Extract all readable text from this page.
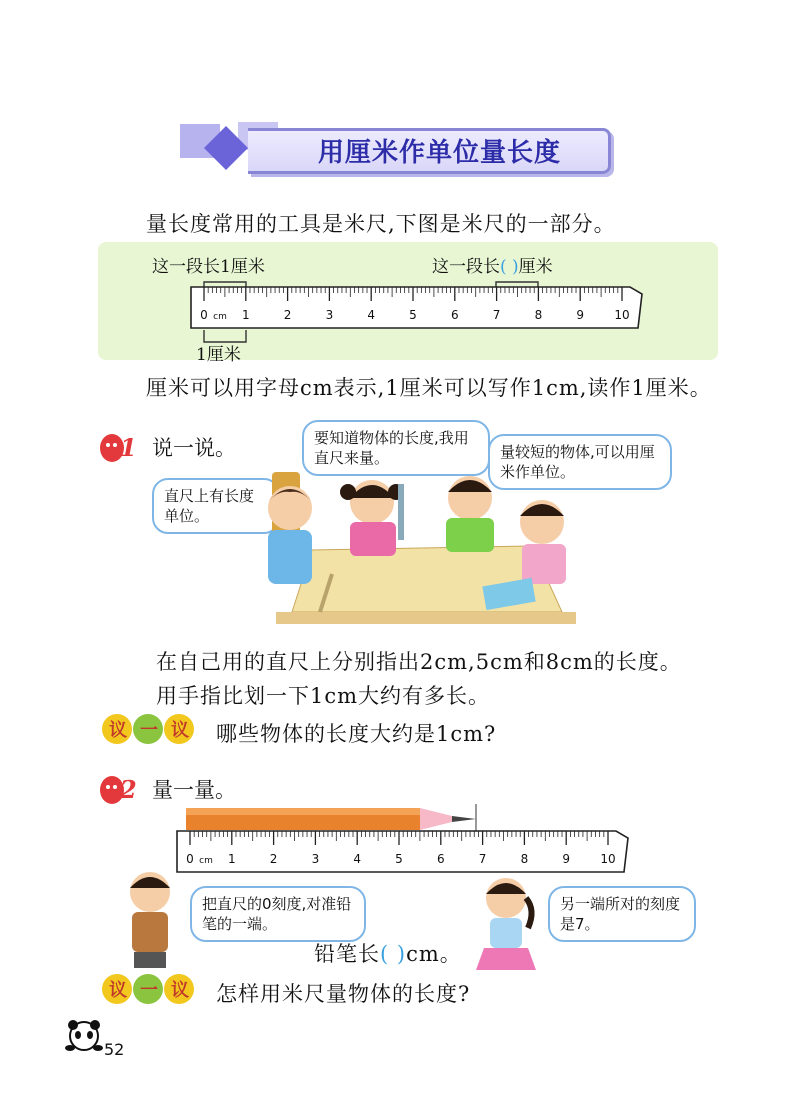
用厘米作单位量长度
量长度常用的工具是米尺,下图是米尺的一部分。
这一段长1厘米	这一段长( )厘米
0	1	2	3	4	5	6	7	8	9	10
cm
1厘米
厘米可以用字母cm表示,1厘米可以写作1cm,读作1厘米。
1 说一说。	要知道物体的长度,我用直尺来量。	量较短的物体,可以用厘米作单位。
直尺上有长度单位。
在自己用的直尺上分别指出2cm,5cm和8cm的长度。
用手指比划一下1cm大约有多长。
议 一 议 哪些物体的长度大约是1cm?
2 量一量。
0	1	2	3	4	5	6	7	8	9	10
cm
把直尺的0刻度,对准铅笔的一端。
另一端所对的刻度是7。
铅笔长( )cm。
议 一 议 怎样用米尺量物体的长度?
52
